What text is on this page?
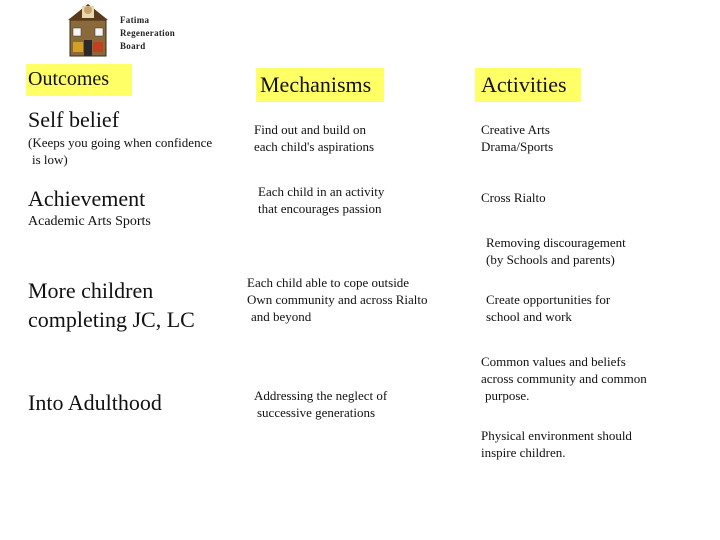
Fatima
Regeneration
Board
Outcomes	Mechanisms	Activities
Self belief
(Keeps you going when confidence
is low)
Achievement
Academic Arts Sports
More children
completing JC, LC
Into Adulthood
Find out and build on
each child's aspirations
Each child in an activity
that encourages passion
Each child able to cope outside
Own community and across Rialto
and beyond
Addressing the neglect of
successive generations
Creative Arts
Drama/Sports
Cross Rialto
Removing discouragement
(by Schools and parents)
Create opportunities for
school and work
Common values and beliefs
across community and common
purpose.
Physical environment should
inspire children.
